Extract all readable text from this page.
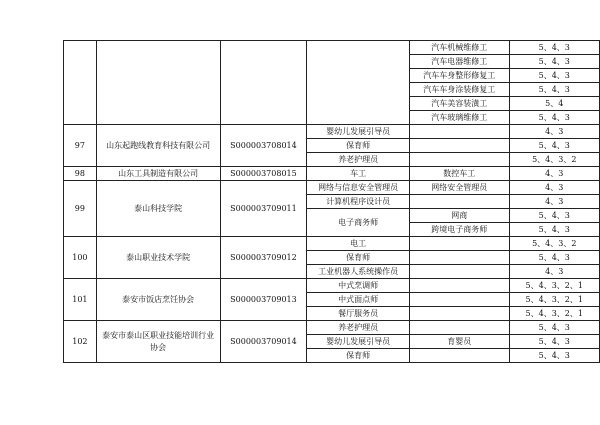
				汽车机械维修工	5、4、3
				汽车电器维修工	5、4、3
				汽车车身整形修复工	5、4、3
				汽车车身涂装修复工	5、4、3
				汽车美容装潢工	5、4
				汽车玻璃维修工	5、4、3
97	山东起跑线教育科技有限公司	S000003708014	婴幼儿发展引导员		4、3
			保育师		5、4、3
			养老护理员		5、4、3、2
98	山东工具制造有限公司	S000003708015	车工	数控车工	4、3
99	泰山科技学院	S000003709011	网络与信息安全管理员	网络安全管理员	4、3
			计算机程序设计员		4、3
			电子商务师	网商	5、4、3
				跨境电子商务师	5、4、3
100	泰山职业技术学院	S000003709012	电工		5、4、3、2
			保育师		5、4、3
			工业机器人系统操作员		4、3
101	泰安市饭店烹饪协会	S000003709013	中式烹调师		5、4、3、2、1
			中式面点师		5、4、3、2、1
			餐厅服务员		5、4、3、2、1
102	泰安市泰山区职业技能培训行业协会	S000003709014	养老护理员		5、4、3
			婴幼儿发展引导员	育婴员	5、4、3
			保育师		5、4、3
